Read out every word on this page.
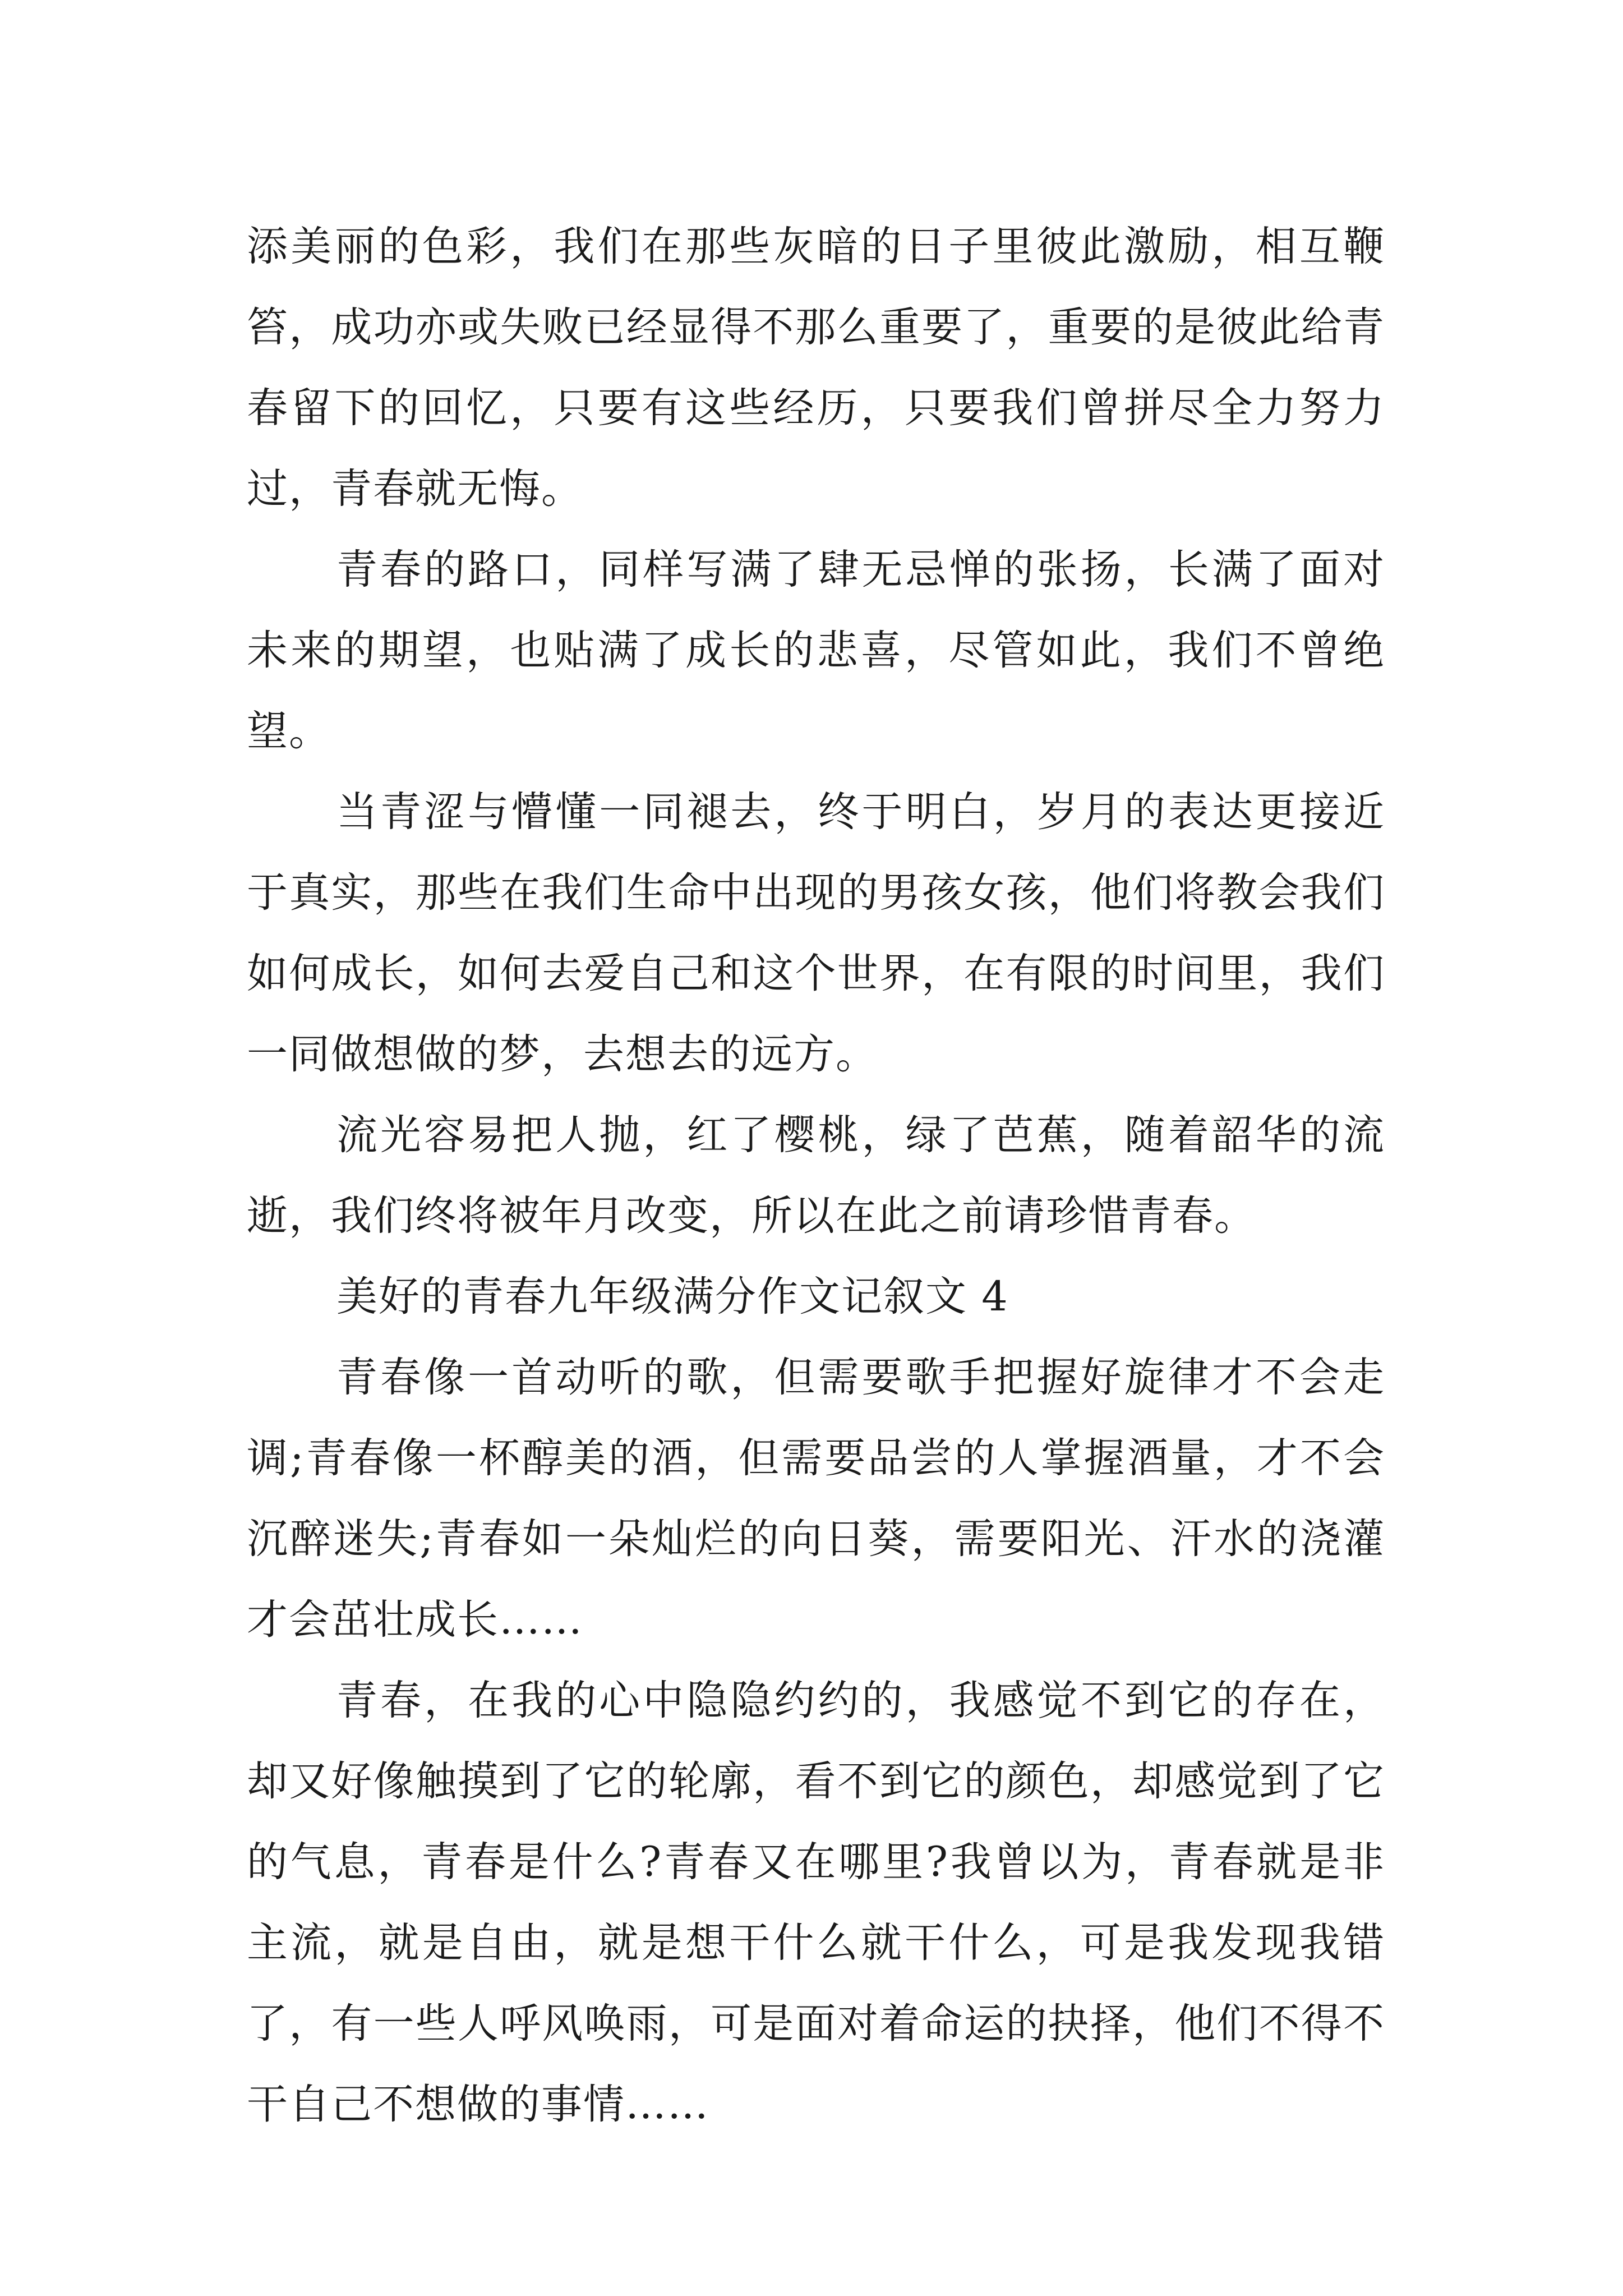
添美丽的色彩，我们在那些灰暗的日子里彼此激励，相互鞭笞，成功亦或失败已经显得不那么重要了，重要的是彼此给青春留下的回忆，只要有这些经历，只要我们曾拼尽全力努力过，青春就无悔。

青春的路口，同样写满了肆无忌惮的张扬，长满了面对未来的期望，也贴满了成长的悲喜，尽管如此，我们不曾绝望。

当青涩与懵懂一同褪去，终于明白，岁月的表达更接近于真实，那些在我们生命中出现的男孩女孩，他们将教会我们如何成长，如何去爱自己和这个世界，在有限的时间里，我们一同做想做的梦，去想去的远方。

流光容易把人抛，红了樱桃，绿了芭蕉，随着韶华的流逝，我们终将被年月改变，所以在此之前请珍惜青春。

美好的青春九年级满分作文记叙文 4

青春像一首动听的歌，但需要歌手把握好旋律才不会走调;青春像一杯醇美的酒，但需要品尝的人掌握酒量，才不会沉醉迷失;青春如一朵灿烂的向日葵，需要阳光、汗水的浇灌才会茁壮成长……

青春，在我的心中隐隐约约的，我感觉不到它的存在，却又好像触摸到了它的轮廓，看不到它的颜色，却感觉到了它的气息，青春是什么?青春又在哪里?我曾以为，青春就是非主流，就是自由，就是想干什么就干什么，可是我发现我错了，有一些人呼风唤雨，可是面对着命运的抉择，他们不得不干自己不想做的事情……
